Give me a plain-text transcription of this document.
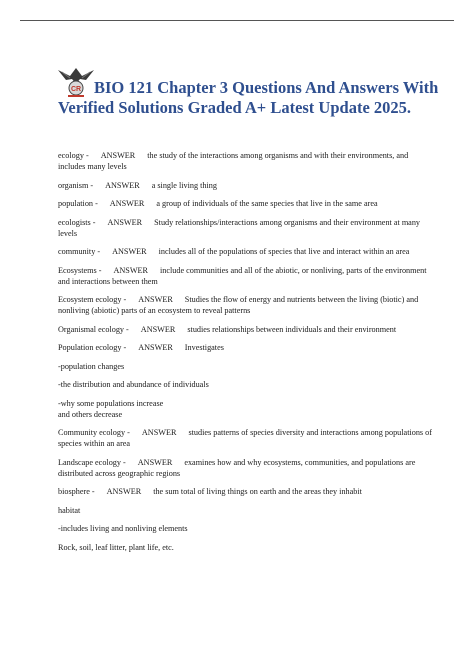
CR BIO 121 Chapter 3 Questions And Answers With
Verified Solutions Graded A+ Latest Update 2025.

ecology - ANSWER the study of the interactions among organisms and with their environments, and includes many levels

organism - ANSWER a single living thing

population - ANSWER a group of individuals of the same species that live in the same area

ecologists - ANSWER Study relationships/interactions among organisms and their environment at many levels

community - ANSWER includes all of the populations of species that live and interact within an area

Ecosystems - ANSWER include communities and all of the abiotic, or nonliving, parts of the environment and interactions between them

Ecosystem ecology - ANSWER Studies the flow of energy and nutrients between the living (biotic) and nonliving (abiotic) parts of an ecosystem to reveal patterns

Organismal ecology - ANSWER studies relationships between individuals and their environment

Population ecology - ANSWER Investigates

-population changes

-the distribution and abundance of individuals

-why some populations increase
and others decrease

Community ecology - ANSWER studies patterns of species diversity and interactions among populations of species within an area

Landscape ecology - ANSWER examines how and why ecosystems, communities, and populations are distributed across geographic regions

biosphere - ANSWER the sum total of living things on earth and the areas they inhabit

habitat

-includes living and nonliving elements

Rock, soil, leaf litter, plant life, etc.
